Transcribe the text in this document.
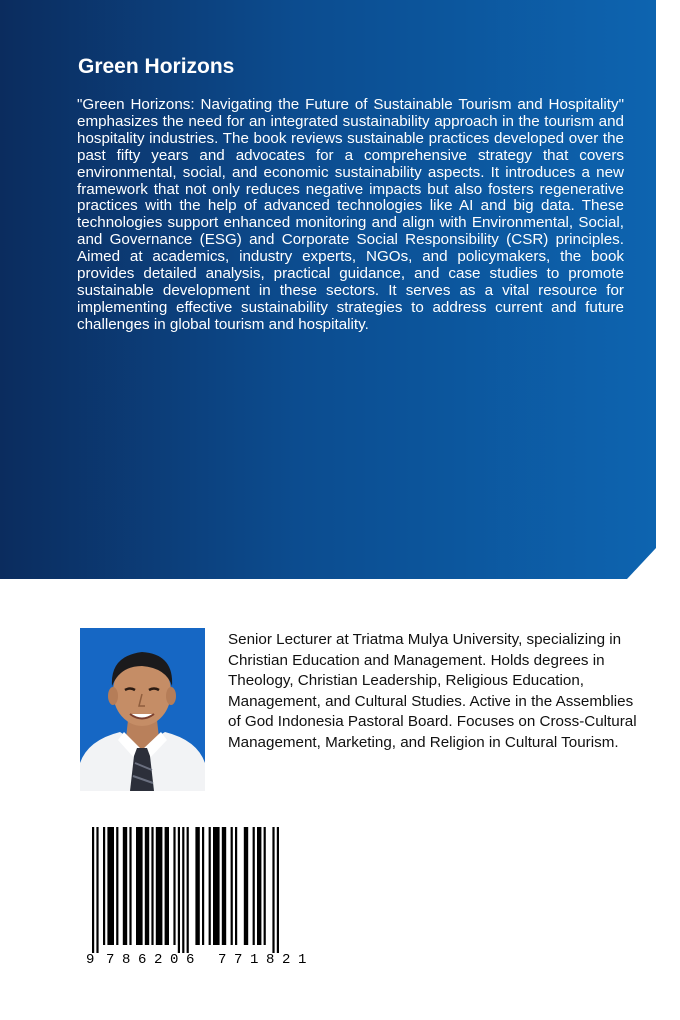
Green Horizons

"Green Horizons: Navigating the Future of Sustainable Tourism and Hospitality" emphasizes the need for an integrated sustainability approach in the tourism and hospitality industries. The book reviews sustainable practices developed over the past fifty years and advocates for a comprehensive strategy that covers environmental, social, and economic sustainability aspects. It introduces a new framework that not only reduces negative impacts but also fosters regenerative practices with the help of advanced technologies like AI and big data. These technologies support enhanced monitoring and align with Environmental, Social, and Governance (ESG) and Corporate Social Responsibility (CSR) principles. Aimed at academics, industry experts, NGOs, and policymakers, the book provides detailed analysis, practical guidance, and case studies to promote sustainable development in these sectors. It serves as a vital resource for implementing effective sustainability strategies to address current and future challenges in global tourism and hospitality.

Senior Lecturer at Triatma Mulya University, specializing in Christian Education and Management. Holds degrees in Theology, Christian Leadership, Religious Education, Management, and Cultural Studies. Active in the Assemblies of God Indonesia Pastoral Board. Focuses on Cross-Cultural Management, Marketing, and Religion in Cultural Tourism.

9 7 8 6 2 0 6 7 7 1 8 2 1
